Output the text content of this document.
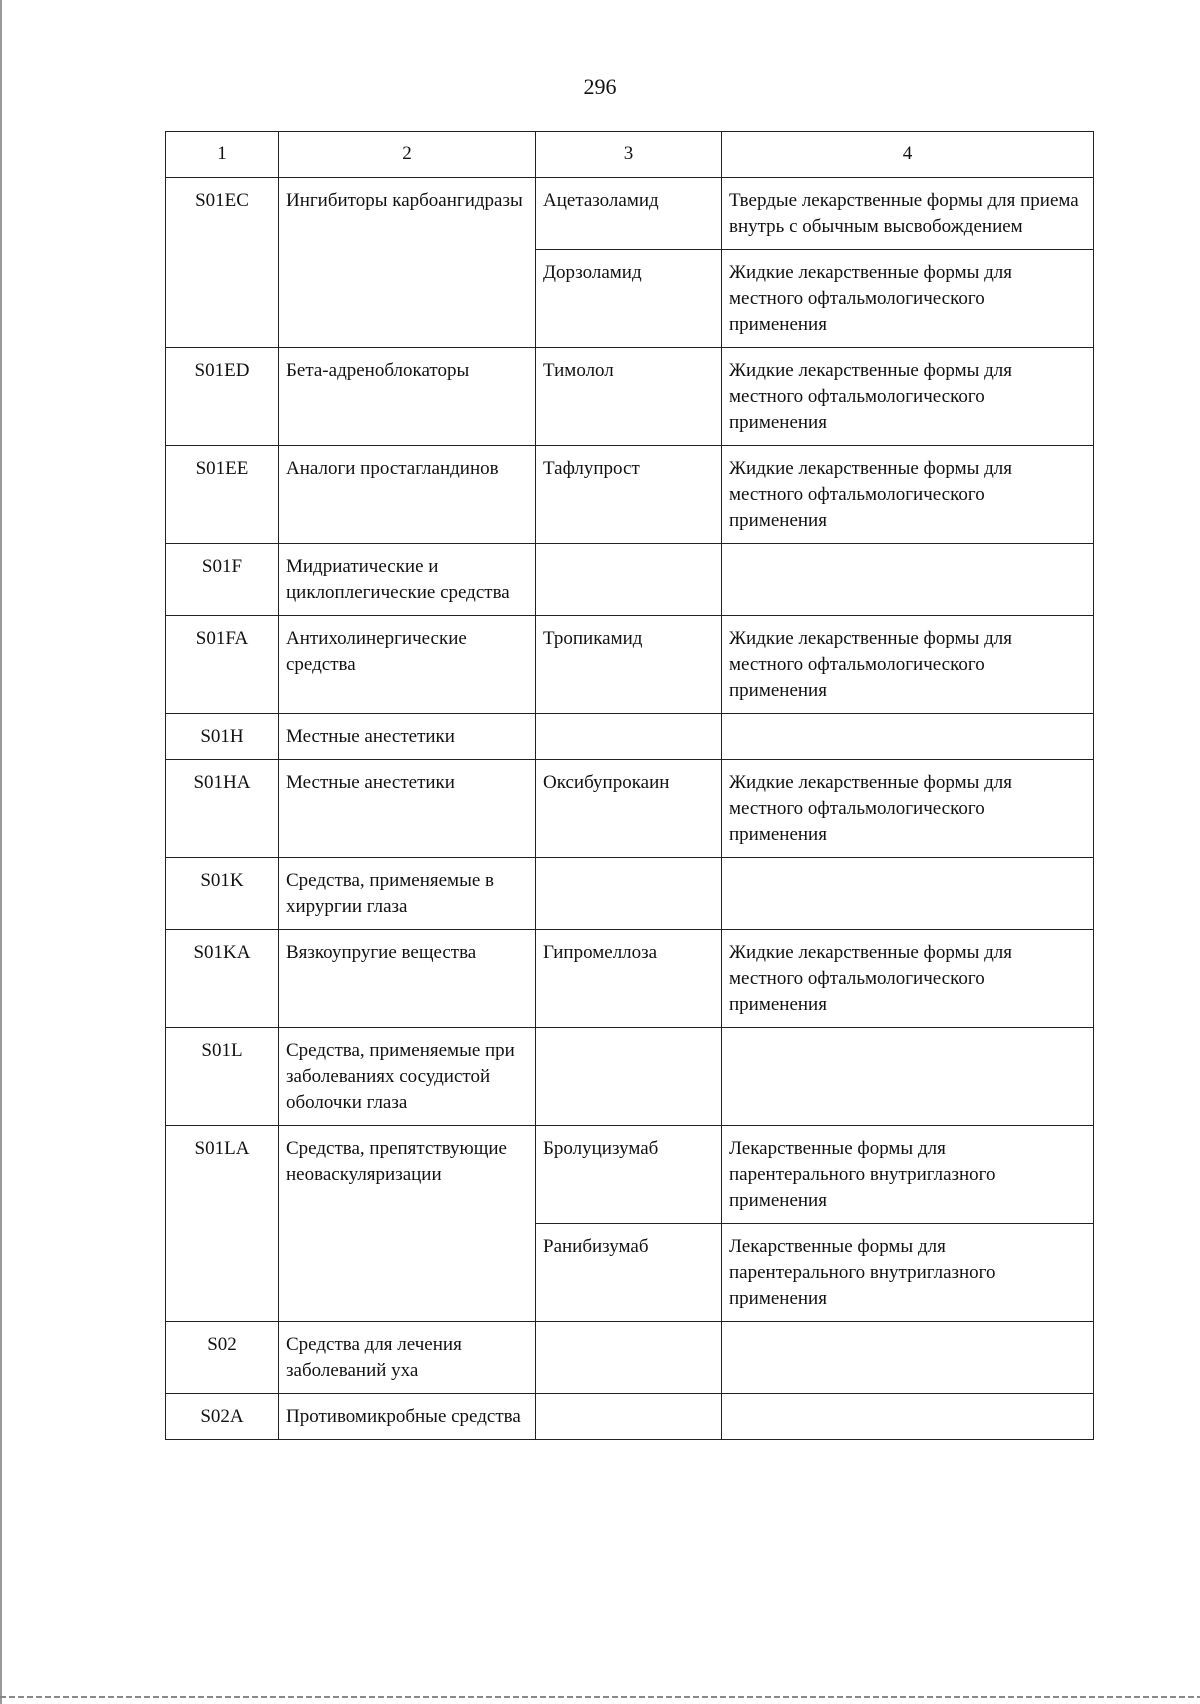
296
1	2	3	4
S01EC	Ингибиторы карбоангидразы	Ацетазоламид	Твердые лекарственные формы для приема внутрь с обычным высвобождением
		Дорзоламид	Жидкие лекарственные формы для местного офтальмологического применения
S01ED	Бета-адреноблокаторы	Тимолол	Жидкие лекарственные формы для местного офтальмологического применения
S01EE	Аналоги простагландинов	Тафлупрост	Жидкие лекарственные формы для местного офтальмологического применения
S01F	Мидриатические и циклоплегические средства		
S01FA	Антихолинергические средства	Тропикамид	Жидкие лекарственные формы для местного офтальмологического применения
S01H	Местные анестетики		
S01HA	Местные анестетики	Оксибупрокаин	Жидкие лекарственные формы для местного офтальмологического применения
S01K	Средства, применяемые в хирургии глаза		
S01KA	Вязкоупругие вещества	Гипромеллоза	Жидкие лекарственные формы для местного офтальмологического применения
S01L	Средства, применяемые при заболеваниях сосудистой оболочки глаза		
S01LA	Средства, препятствующие неоваскуляризации	Бролуцизумаб	Лекарственные формы для парентерального внутриглазного применения
		Ранибизумаб	Лекарственные формы для парентерального внутриглазного применения
S02	Средства для лечения заболеваний уха		
S02A	Противомикробные средства		
